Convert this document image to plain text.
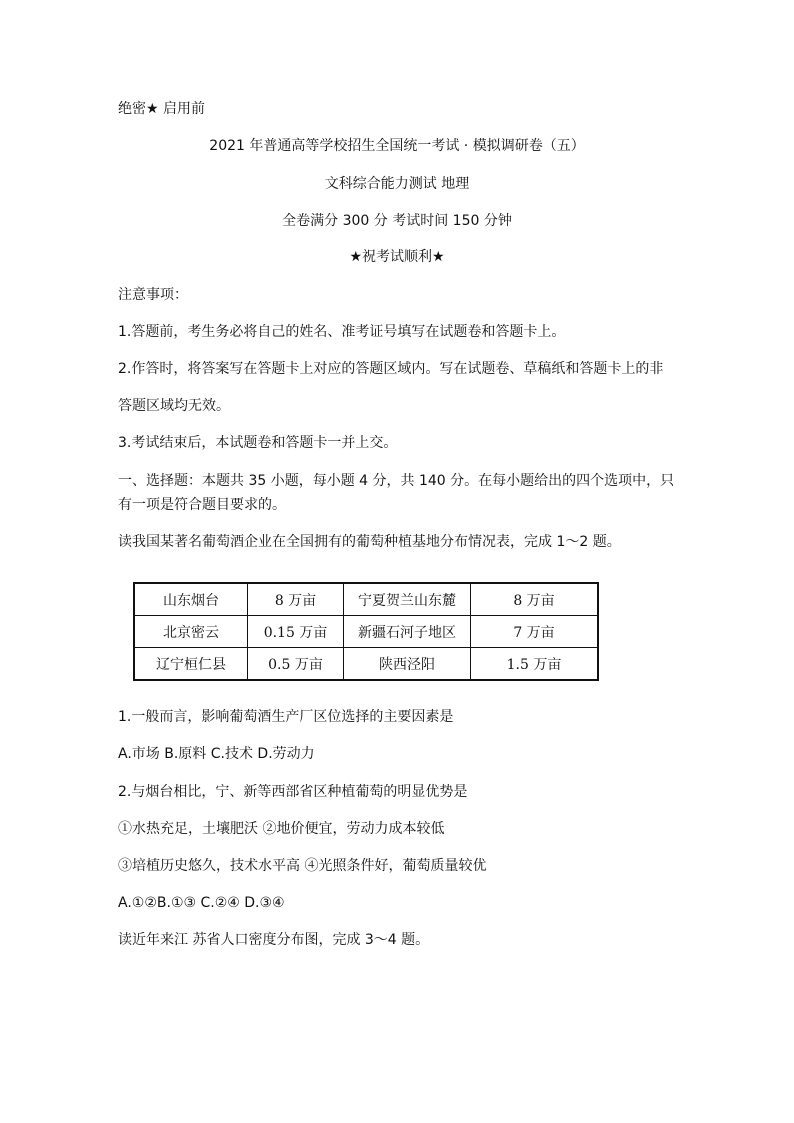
绝密★ 启用前
2021 年普通高等学校招生全国统一考试 · 模拟调研卷（五）
文科综合能力测试 地理
全卷满分 300 分 考试时间 150 分钟
★祝考试顺利★
注意事项：
1.答题前，考生务必将自己的姓名、准考证号填写在试题卷和答题卡上。
2.作答时，将答案写在答题卡上对应的答题区域内。写在试题卷、草稿纸和答题卡上的非
答题区域均无效。
3.考试结束后，本试题卷和答题卡一并上交。
一、选择题：本题共 35 小题，每小题 4 分，共 140 分。在每小题给出的四个选项中，只
有一项是符合题目要求的。
读我国某著名葡萄酒企业在全国拥有的葡萄种植基地分布情况表，完成 1～2 题。
山东烟台	8 万亩	宁夏贺兰山东麓	8 万亩
北京密云	0.15 万亩	新疆石河子地区	7 万亩
辽宁桓仁县	0.5 万亩	陕西泾阳	1.5 万亩
1.一般而言，影响葡萄酒生产厂区位选择的主要因素是
A.市场 B.原料 C.技术 D.劳动力
2.与烟台相比，宁、新等西部省区种植葡萄的明显优势是
①水热充足，土壤肥沃 ②地价便宜，劳动力成本较低
③培植历史悠久，技术水平高 ④光照条件好，葡萄质量较优
A.①②B.①③ C.②④ D.③④
读近年来江 苏省人口密度分布图，完成 3～4 题。
